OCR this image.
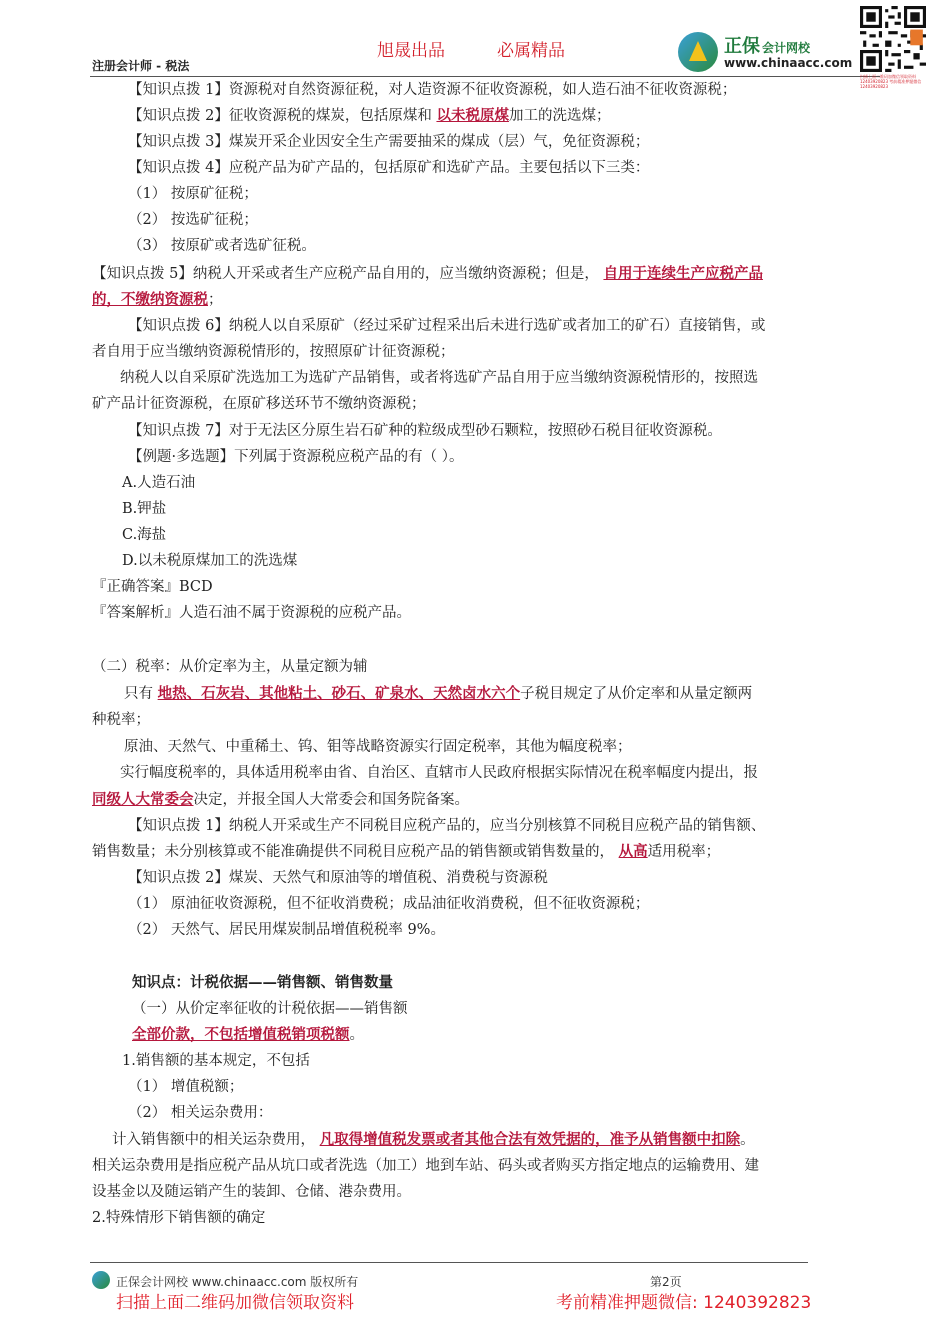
旭晟出品	必属精品
注册会计师 - 税法
正保 会计网校
www.chinaacc.com
扫描上面二维码加微信领取资料 12403920823 考前精准押题微信 12403920823
【知识点拨 1】资源税对自然资源征税，对人造资源不征收资源税，如人造石油不征收资源税；
【知识点拨 2】征收资源税的煤炭，包括原煤和 以未税原煤加工的洗选煤；
【知识点拨 3】煤炭开采企业因安全生产需要抽采的煤成（层）气，免征资源税；
【知识点拨 4】应税产品为矿产品的，包括原矿和选矿产品。主要包括以下三类：
（1） 按原矿征税；
（2） 按选矿征税；
（3） 按原矿或者选矿征税。
【知识点拨 5】纳税人开采或者生产应税产品自用的，应当缴纳资源税；但是， 自用于连续生产应税产品
的，不缴纳资源税；
【知识点拨 6】纳税人以自采原矿（经过采矿过程采出后未进行选矿或者加工的矿石）直接销售，或
者自用于应当缴纳资源税情形的，按照原矿计征资源税；
纳税人以自采原矿洗选加工为选矿产品销售，或者将选矿产品自用于应当缴纳资源税情形的，按照选
矿产品计征资源税，在原矿移送环节不缴纳资源税；
【知识点拨 7】对于无法区分原生岩石矿种的粒级成型砂石颗粒，按照砂石税目征收资源税。
【例题·多选题】下列属于资源税应税产品的有（ ）。
A.人造石油
B.钾盐
C.海盐
D.以未税原煤加工的洗选煤
『正确答案』BCD
『答案解析』人造石油不属于资源税的应税产品。
（二）税率：从价定率为主，从量定额为辅
只有 地热、石灰岩、其他粘土、砂石、矿泉水、天然卤水六个子税目规定了从价定率和从量定额两
种税率；
原油、天然气、中重稀土、钨、钼等战略资源实行固定税率，其他为幅度税率；
实行幅度税率的，具体适用税率由省、自治区、直辖市人民政府根据实际情况在税率幅度内提出，报
同级人大常委会决定，并报全国人大常委会和国务院备案。
【知识点拨 1】纳税人开采或生产不同税目应税产品的，应当分别核算不同税目应税产品的销售额、
销售数量；未分别核算或不能准确提供不同税目应税产品的销售额或销售数量的， 从高适用税率；
【知识点拨 2】煤炭、天然气和原油等的增值税、消费税与资源税
（1） 原油征收资源税，但不征收消费税；成品油征收消费税，但不征收资源税；
（2） 天然气、居民用煤炭制品增值税税率 9%。
知识点：计税依据——销售额、销售数量
（一）从价定率征收的计税依据——销售额
全部价款，不包括增值税销项税额。
1.销售额的基本规定，不包括
（1） 增值税额；
（2） 相关运杂费用：
计入销售额中的相关运杂费用， 凡取得增值税发票或者其他合法有效凭据的，准予从销售额中扣除。
相关运杂费用是指应税产品从坑口或者洗选（加工）地到车站、码头或者购买方指定地点的运输费用、建
设基金以及随运销产生的装卸、仓储、港杂费用。
2.特殊情形下销售额的确定
正保会计网校 www.chinaacc.com 版权所有	第2页
扫描上面二维码加微信领取资料	考前精准押题微信: 1240392823
